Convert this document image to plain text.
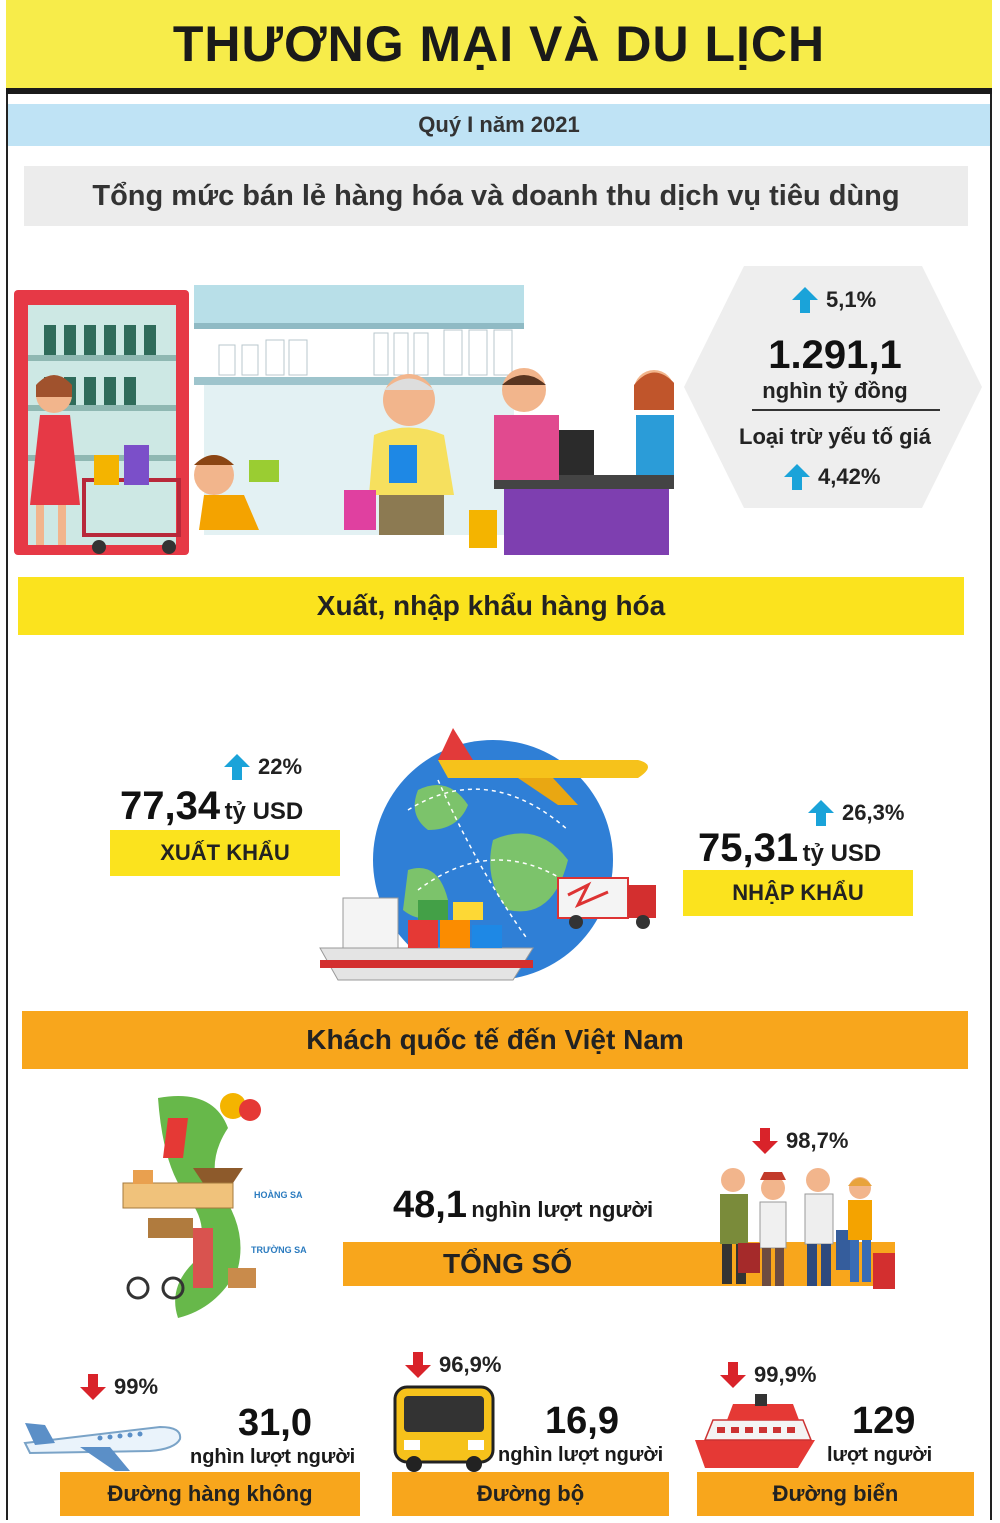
THƯƠNG MẠI VÀ DU LỊCH
Quý I năm 2021
Tổng mức bán lẻ hàng hóa và doanh thu dịch vụ tiêu dùng
5,1%
1.291,1
nghìn tỷ đồng
Loại trừ yếu tố giá
4,42%
Xuất, nhập khẩu hàng hóa
22%
77,34 tỷ USD
XUẤT KHẨU
26,3%
75,31 tỷ USD
NHẬP KHẨU
Khách quốc tế đến Việt Nam
HOÀNG SA
TRƯỜNG SA
98,7%
48,1 nghìn lượt người
TỔNG SỐ
99%
31,0
nghìn lượt người
Đường hàng không
96,9%
16,9
nghìn lượt người
Đường bộ
99,9%
129
lượt người
Đường biển
